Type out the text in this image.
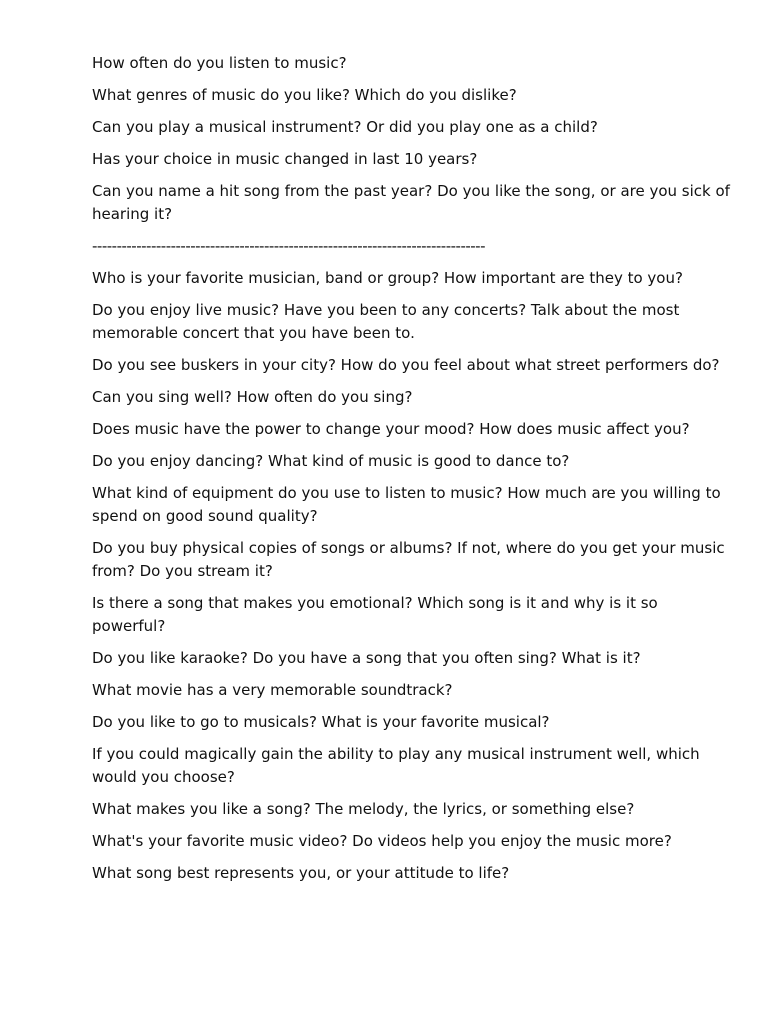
How often do you listen to music?

What genres of music do you like? Which do you dislike?

Can you play a musical instrument? Or did you play one as a child?

Has your choice in music changed in last 10 years?

Can you name a hit song from the past year? Do you like the song, or are you sick of hearing it?

--------------------------------------------------------------------------------

Who is your favorite musician, band or group? How important are they to you?

Do you enjoy live music? Have you been to any concerts? Talk about the most memorable concert that you have been to.

Do you see buskers in your city? How do you feel about what street performers do?

Can you sing well? How often do you sing?

Does music have the power to change your mood? How does music affect you?

Do you enjoy dancing? What kind of music is good to dance to?

What kind of equipment do you use to listen to music? How much are you willing to spend on good sound quality?

Do you buy physical copies of songs or albums? If not, where do you get your music from? Do you stream it?

Is there a song that makes you emotional? Which song is it and why is it so powerful?

Do you like karaoke? Do you have a song that you often sing? What is it?

What movie has a very memorable soundtrack?

Do you like to go to musicals? What is your favorite musical?

If you could magically gain the ability to play any musical instrument well, which would you choose?

What makes you like a song? The melody, the lyrics, or something else?

What's your favorite music video? Do videos help you enjoy the music more?

What song best represents you, or your attitude to life?
